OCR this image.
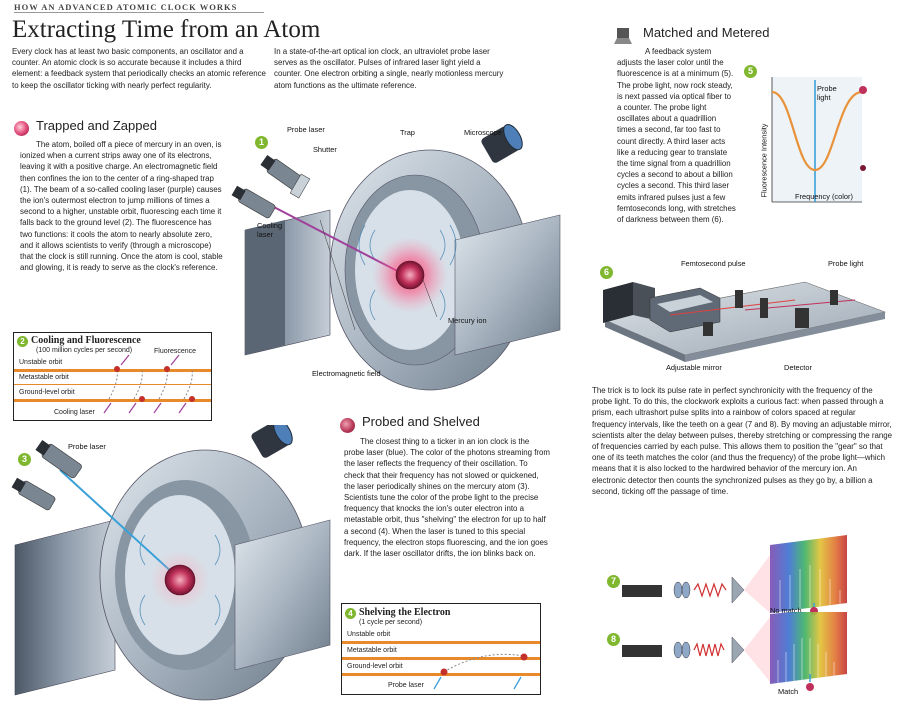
HOW AN ADVANCED ATOMIC CLOCK WORKS
Extracting Time from an Atom
Every clock has at least two basic components, an oscillator and a counter. An atomic clock is so accurate because it includes a third element: a feedback system that periodically checks an atomic reference to keep the oscillator ticking with nearly perfect regularity.
In a state-of-the-art optical ion clock, an ultraviolet probe laser serves as the oscillator. Pulses of infrared laser light yield a counter. One electron orbiting a single, nearly motionless mercury atom functions as the ultimate reference.
Trapped and Zapped
The atom, boiled off a piece of mercury in an oven, is ionized when a current strips away one of its electrons, leaving it with a positive charge. An electromagnetic field then confines the ion to the center of a ring-shaped trap (1). The beam of a so-called cooling laser (purple) causes the ion's outermost electron to jump millions of times a second to a higher, unstable orbit, fluorescing each time it falls back to the ground level (2). The fluorescence has two functions: it cools the atom to nearly absolute zero, and it allows scientists to verify (through a microscope) that the clock is still running. Once the atom is cool, stable and glowing, it is ready to serve as the clock's reference.
1
Probe laser
Shutter
Trap	Microscope
Cooling laser
Mercury ion
Electromagnetic field
2 Cooling and Fluorescence
(100 million cycles per second)	Fluorescence
Unstable orbit
Metastable orbit
Ground-level orbit
Cooling laser
3
Probe laser
Probed and Shelved
The closest thing to a ticker in an ion clock is the probe laser (blue). The color of the photons streaming from the laser reflects the frequency of their oscillation. To check that their frequency has not slowed or quickened, the laser periodically shines on the mercury atom (3). Scientists tune the color of the probe light to the precise frequency that knocks the ion's outer electron into a metastable orbit, thus "shelving" the electron for up to half a second (4). When the laser is tuned to this special frequency, the electron stops fluorescing, and the ion goes dark. If the laser oscillator drifts, the ion blinks back on.
4 Shelving the Electron
(1 cycle per second)
Unstable orbit
Metastable orbit
Ground-level orbit
Probe laser
Matched and Metered
A feedback system adjusts the laser color until the fluorescence is at a minimum (5). The probe light, now rock steady, is next passed via optical fiber to a counter. The probe light oscillates about a quadrillion times a second, far too fast to count directly. A third laser acts like a reducing gear to translate the time signal from a quadrillion cycles a second to about a billion cycles a second. This third laser emits infrared pulses just a few femtoseconds long, with stretches of darkness between them (6).
5
Probe light
Fluorescence Intensity	Frequency (color)
6
Femtosecond pulse	Probe light
Adjustable mirror	Detector
The trick is to lock its pulse rate in perfect synchronicity with the frequency of the probe light. To do this, the clockwork exploits a curious fact: when passed through a prism, each ultrashort pulse splits into a rainbow of colors spaced at regular frequency intervals, like the teeth on a gear (7 and 8). By moving an adjustable mirror, scientists alter the delay between pulses, thereby stretching or compressing the range of frequencies carried by each pulse. This allows them to position the "gear" so that one of its teeth matches the color (and thus the frequency) of the probe light—which means that it is also locked to the hardwired behavior of the mercury ion. An electronic detector then counts the synchronized pulses as they go by, a billion a second, ticking off the passage of time.
7
No match
8
Match
